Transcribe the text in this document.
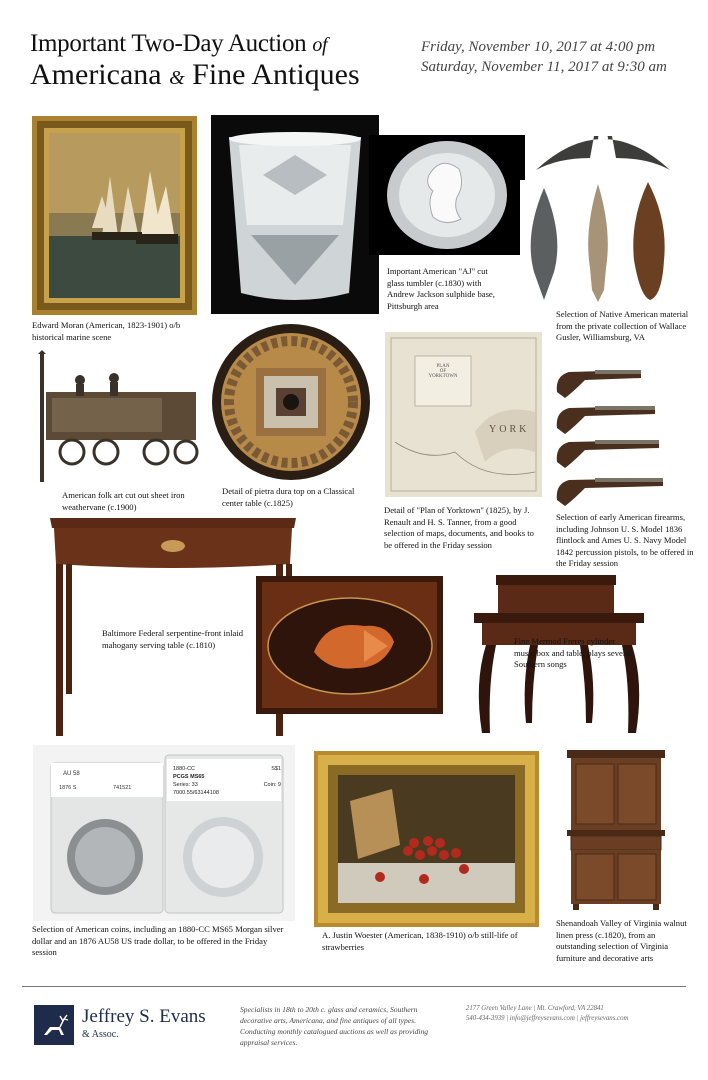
Important Two-Day Auction of
Americana & Fine Antiques
Friday, November 10, 2017 at 4:00 pm
Saturday, November 11, 2017 at 9:30 am
Edward Moran (American, 1823-1901) o/b historical marine scene
Important American "AJ" cut glass tumbler (c.1830) with Andrew Jackson sulphide base, Pittsburgh area
Selection of Native American material from the private collection of Wallace Gusler, Williamsburg, VA
American folk art cut out sheet iron weathervane (c.1900)
Detail of pietra dura top on a Classical center table (c.1825)
PLAN
OF YORKTOWN
YORK
Detail of "Plan of Yorktown" (1825), by J. Renault and H. S. Tanner, from a good selection of maps, documents, and books to be offered in the Friday session
Selection of early American firearms, including Johnson U. S. Model 1836 flintlock and Ames U. S. Navy Model 1842 percussion pistols, to be offered in the Friday session
Baltimore Federal serpentine-front inlaid mahogany serving table (c.1810)	Fine Mermod Freres cylinder music box and table, plays several Southern songs
AU 58
1876 S	741521
1880-CC	S$1
PCGS MS65
Series: 33	Coin: 9
7000.55/63144108
Selection of American coins, including an 1880-CC MS65 Morgan silver dollar and an 1876 AU58 US trade dollar, to be offered in the Friday session
A. Justin Woester (American, 1838-1910) o/b still-life of strawberries
Shenandoah Valley of Virginia walnut linen press (c.1820), from an outstanding selection of Virginia furniture and decorative arts
Jeffrey S. Evans
& Assoc.
Specialists in 18th to 20th c. glass and ceramics, Southern decorative arts, Americana, and fine antiques of all types. Conducting monthly catalogued auctions as well as providing appraisal services.
2177 Green Valley Lane | Mt. Crawford, VA 22841
540-434-3939 | info@jeffreysevans.com | jeffreysevans.com
